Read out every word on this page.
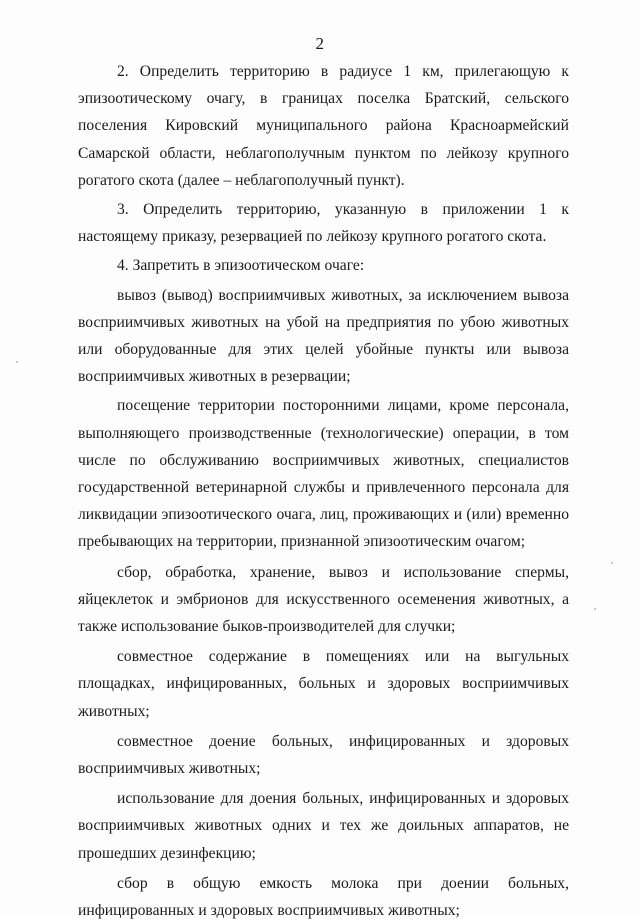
2

2. Определить территорию в радиусе 1 км, прилегающую к эпизоотическому очагу, в границах поселка Братский, сельского поселения Кировский муниципального района Красноармейский Самарской области, неблагополучным пунктом по лейкозу крупного рогатого скота (далее – неблагополучный пункт).

3. Определить территорию, указанную в приложении 1 к настоящему приказу, резервацией по лейкозу крупного рогатого скота.

4. Запретить в эпизоотическом очаге:

вывоз (вывод) восприимчивых животных, за исключением вывоза восприимчивых животных на убой на предприятия по убою животных или оборудованные для этих целей убойные пункты или вывоза восприимчивых животных в резервации;

посещение территории посторонними лицами, кроме персонала, выполняющего производственные (технологические) операции, в том числе по обслуживанию восприимчивых животных, специалистов государственной ветеринарной службы и привлеченного персонала для ликвидации эпизоотического очага, лиц, проживающих и (или) временно пребывающих на территории, признанной эпизоотическим очагом;

сбор, обработка, хранение, вывоз и использование спермы, яйцеклеток и эмбрионов для искусственного осеменения животных, а также использование быков-производителей для случки;

совместное содержание в помещениях или на выгульных площадках, инфицированных, больных и здоровых восприимчивых животных;

совместное доение больных, инфицированных и здоровых восприимчивых животных;

использование для доения больных, инфицированных и здоровых восприимчивых животных одних и тех же доильных аппаратов, не прошедших дезинфекцию;

сбор в общую емкость молока при доении больных, инфицированных и здоровых восприимчивых животных;
